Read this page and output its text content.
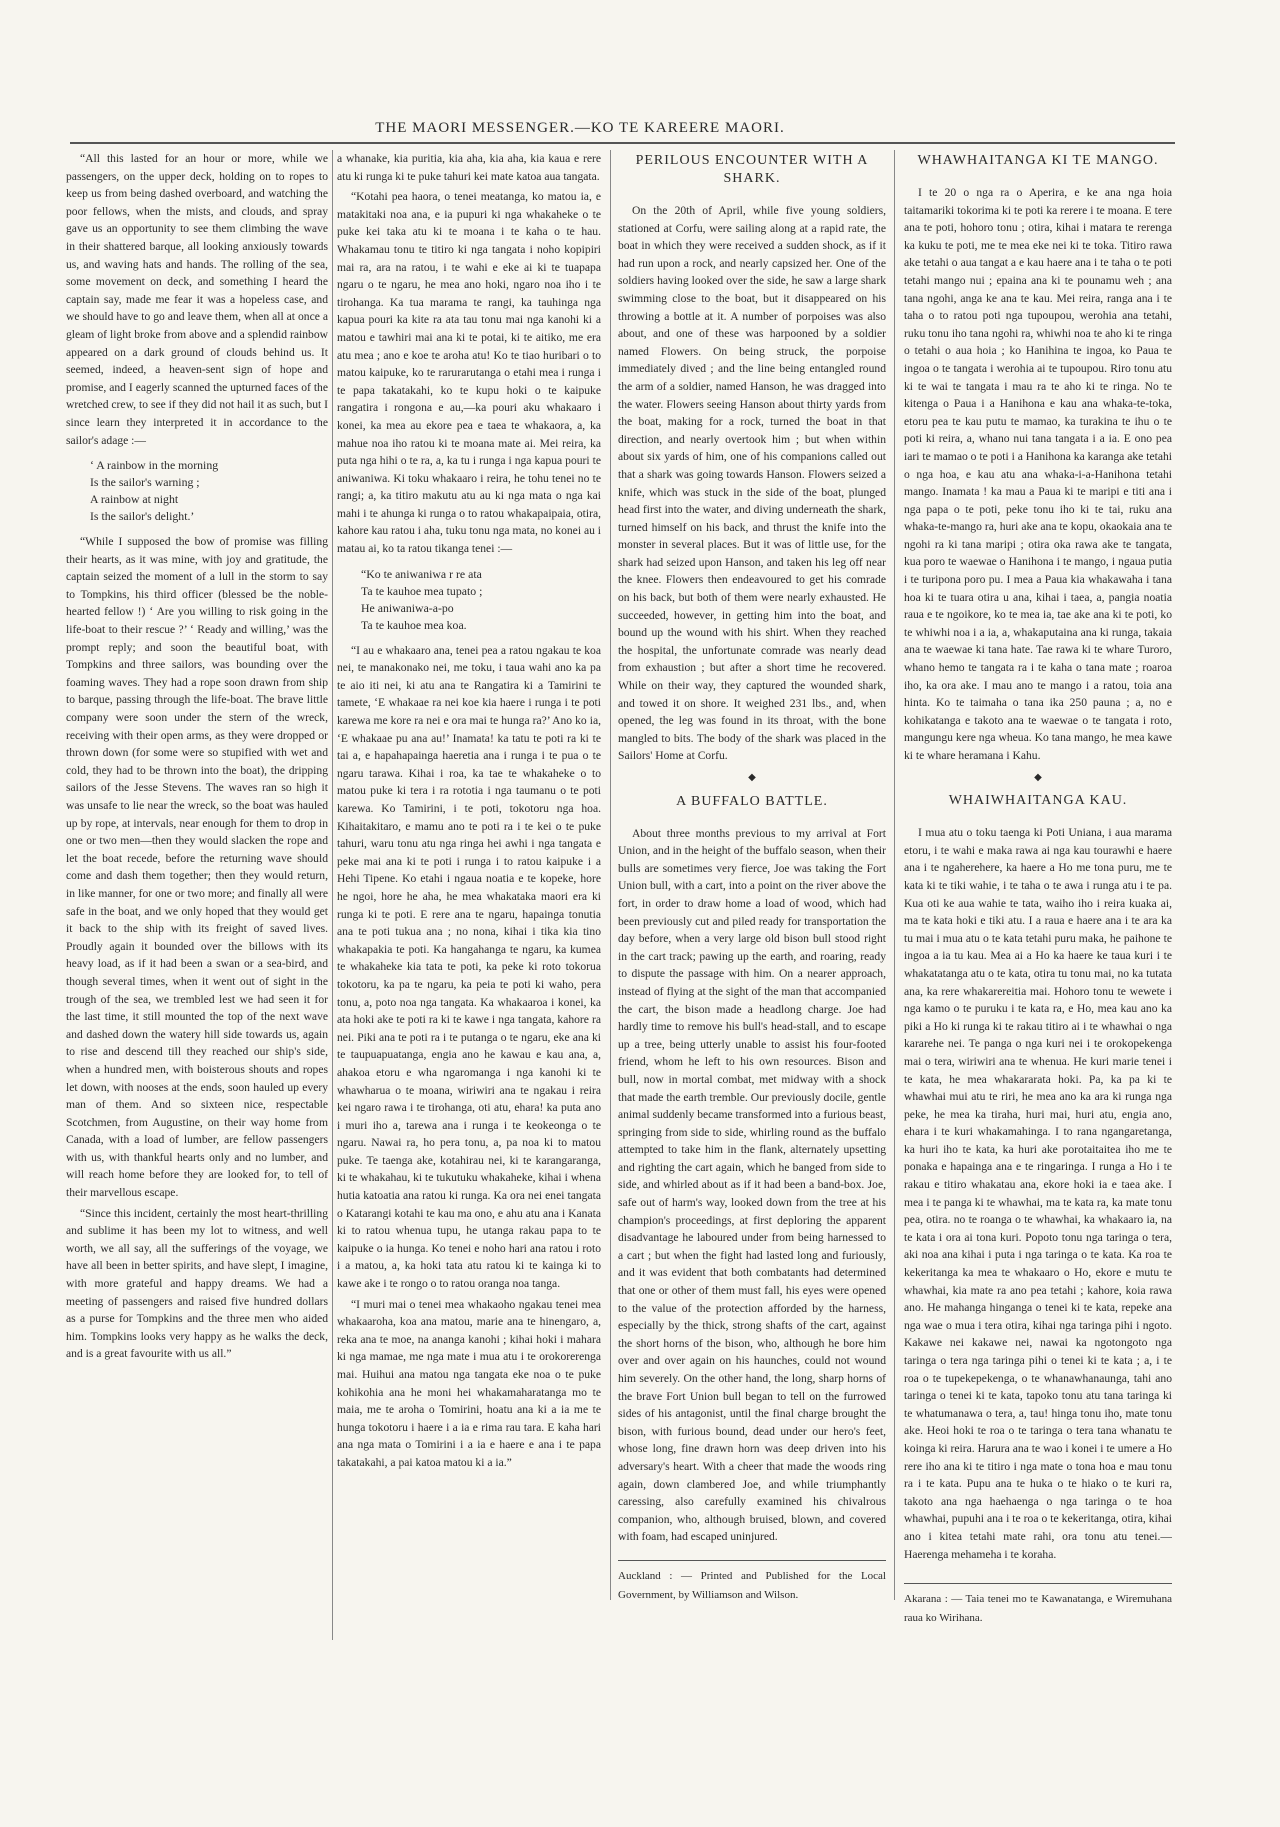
THE MAORI MESSENGER.—KO TE KAREERE MAORI.

“All this lasted for an hour or more, while we passengers, on the upper deck, holding on to ropes to keep us from being dashed overboard, and watching the poor fellows, when the mists, and clouds, and spray gave us an opportunity to see them climbing the wave in their shattered barque, all looking anxiously towards us, and waving hats and hands. The rolling of the sea, some movement on deck, and something I heard the captain say, made me fear it was a hopeless case, and we should have to go and leave them, when all at once a gleam of light broke from above and a splendid rainbow appeared on a dark ground of clouds behind us. It seemed, indeed, a heaven-sent sign of hope and promise, and I eagerly scanned the upturned faces of the wretched crew, to see if they did not hail it as such, but I since learn they interpreted it in accordance to the sailor's adage :—

‘ A rainbow in the morning
Is the sailor's warning ;
A rainbow at night
Is the sailor's delight.’

“While I supposed the bow of promise was filling their hearts, as it was mine, with joy and gratitude, the captain seized the moment of a lull in the storm to say to Tompkins, his third officer (blessed be the noble-hearted fellow !) ‘ Are you willing to risk going in the life-boat to their rescue ?’ ‘ Ready and willing,’ was the prompt reply; and soon the beautiful boat, with Tompkins and three sailors, was bounding over the foaming waves. They had a rope soon drawn from ship to barque, passing through the life-boat. The brave little company were soon under the stern of the wreck, receiving with their open arms, as they were dropped or thrown down (for some were so stupified with wet and cold, they had to be thrown into the boat), the dripping sailors of the Jesse Stevens. The waves ran so high it was unsafe to lie near the wreck, so the boat was hauled up by rope, at intervals, near enough for them to drop in one or two men—then they would slacken the rope and let the boat recede, before the returning wave should come and dash them together; then they would return, in like manner, for one or two more; and finally all were safe in the boat, and we only hoped that they would get it back to the ship with its freight of saved lives. Proudly again it bounded over the billows with its heavy load, as if it had been a swan or a sea-bird, and though several times, when it went out of sight in the trough of the sea, we trembled lest we had seen it for the last time, it still mounted the top of the next wave and dashed down the watery hill side towards us, again to rise and descend till they reached our ship's side, when a hundred men, with boisterous shouts and ropes let down, with nooses at the ends, soon hauled up every man of them. And so sixteen nice, respectable Scotchmen, from Augustine, on their way home from Canada, with a load of lumber, are fellow passengers with us, with thankful hearts only and no lumber, and will reach home before they are looked for, to tell of their marvellous escape.

“Since this incident, certainly the most heart-thrilling and sublime it has been my lot to witness, and well worth, we all say, all the sufferings of the voyage, we have all been in better spirits, and have slept, I imagine, with more grateful and happy dreams. We had a meeting of passengers and raised five hundred dollars as a purse for Tompkins and the three men who aided him. Tompkins looks very happy as he walks the deck, and is a great favourite with us all.”

a whanake, kia puritia, kia aha, kia aha, kia kaua e rere atu ki runga ki te puke tahuri kei mate katoa aua tangata.

“Kotahi pea haora, o tenei meatanga, ko matou ia, e matakitaki noa ana, e ia pupuri ki nga whakaheke o te puke kei taka atu ki te moana i te kaha o te hau. Whakamau tonu te titiro ki nga tangata i noho kopipiri mai ra, ara na ratou, i te wahi e eke ai ki te tuapapa ngaru o te ngaru, he mea ano hoki, ngaro noa iho i te tirohanga. Ka tua marama te rangi, ka tauhinga nga kapua pouri ka kite ra ata tau tonu mai nga kanohi ki a matou e tawhiri mai ana ki te potai, ki te aitiko, me era atu mea ; ano e koe te aroha atu! Ko te tiao huribari o to matou kaipuke, ko te rarurarutanga o etahi mea i runga i te papa takatakahi, ko te kupu hoki o te kaipuke rangatira i rongona e au,—ka pouri aku whakaaro i konei, ka mea au ekore pea e taea te whakaora, a, ka mahue noa iho ratou ki te moana mate ai. Mei reira, ka puta nga hihi o te ra, a, ka tu i runga i nga kapua pouri te aniwaniwa. Ki toku whakaaro i reira, he tohu tenei no te rangi; a, ka titiro makutu atu au ki nga mata o nga kai mahi i te ahunga ki runga o to ratou whakapaipaia, otira, kahore kau ratou i aha, tuku tonu nga mata, no konei au i matau ai, ko ta ratou tikanga tenei :—

“Ko te aniwaniwa r re ata
Ta te kauhoe mea tupato ;
He aniwaniwa-a-po
Ta te kauhoe mea koa.

“I au e whakaaro ana, tenei pea a ratou ngakau te koa nei, te manakonako nei, me toku, i taua wahi ano ka pa te aio iti nei, ki atu ana te Rangatira ki a Tamirini te tamete, ‘E whakaae ra nei koe kia haere i runga i te poti karewa me kore ra nei e ora mai te hunga ra?’ Ano ko ia, ‘E whakaae pu ana au!’ Inamata! ka tatu te poti ra ki te tai a, e hapahapainga haeretia ana i runga i te pua o te ngaru tarawa. Kihai i roa, ka tae te whakaheke o to matou puke ki tera i ra rototia i nga taumanu o te poti karewa. Ko Tamirini, i te poti, tokotoru nga hoa. Kihaitakitaro, e mamu ano te poti ra i te kei o te puke tahuri, waru tonu atu nga ringa hei awhi i nga tangata e peke mai ana ki te poti i runga i to ratou kaipuke i a Hehi Tipene. Ko etahi i ngaua noatia e te kopeke, hore he ngoi, hore he aha, he mea whakataka maori era ki runga ki te poti. E rere ana te ngaru, hapainga tonutia ana te poti tukua ana ; no nona, kihai i tika kia tino whakapakia te poti. Ka hangahanga te ngaru, ka kumea te whakaheke kia tata te poti, ka peke ki roto tokorua tokotoru, ka pa te ngaru, ka peia te poti ki waho, pera tonu, a, poto noa nga tangata. Ka whakaaroa i konei, ka ata hoki ake te poti ra ki te kawe i nga tangata, kahore ra nei. Piki ana te poti ra i te putanga o te ngaru, eke ana ki te taupuapuatanga, engia ano he kawau e kau ana, a, ahakoa etoru e wha ngaromanga i nga kanohi ki te whawharua o te moana, wiriwiri ana te ngakau i reira kei ngaro rawa i te tirohanga, oti atu, ehara! ka puta ano i muri iho a, tarewa ana i runga i te keokeonga o te ngaru. Nawai ra, ho pera tonu, a, pa noa ki to matou puke. Te taenga ake, kotahirau nei, ki te karangaranga, ki te whakahau, ki te tukutuku whakaheke, kihai i whena hutia katoatia ana ratou ki runga. Ka ora nei enei tangata o Katarangi kotahi te kau ma ono, e ahu atu ana i Kanata ki to ratou whenua tupu, he utanga rakau papa to te kaipuke o ia hunga. Ko tenei e noho hari ana ratou i roto i a matou, a, ka hoki tata atu ratou ki te kainga ki to kawe ake i te rongo o to ratou oranga noa tanga.

“I muri mai o tenei mea whakaoho ngakau tenei mea whakaaroha, koa ana matou, marie ana te hinengaro, a, reka ana te moe, na ananga kanohi ; kihai hoki i mahara ki nga mamae, me nga mate i mua atu i te orokorerenga mai. Huihui ana matou nga tangata eke noa o te puke kohikohia ana he moni hei whakamaharatanga mo te maia, me te aroha o Tomirini, hoatu ana ki a ia me te hunga tokotoru i haere i a ia e rima rau tara. E kaha hari ana nga mata o Tomirini i a ia e haere e ana i te papa takatakahi, a pai katoa matou ki a ia.”

PERILOUS ENCOUNTER WITH A SHARK.

On the 20th of April, while five young soldiers, stationed at Corfu, were sailing along at a rapid rate, the boat in which they were received a sudden shock, as if it had run upon a rock, and nearly capsized her. One of the soldiers having looked over the side, he saw a large shark swimming close to the boat, but it disappeared on his throwing a bottle at it. A number of porpoises was also about, and one of these was harpooned by a soldier named Flowers. On being struck, the porpoise immediately dived ; and the line being entangled round the arm of a soldier, named Hanson, he was dragged into the water. Flowers seeing Hanson about thirty yards from the boat, making for a rock, turned the boat in that direction, and nearly overtook him ; but when within about six yards of him, one of his companions called out that a shark was going towards Hanson. Flowers seized a knife, which was stuck in the side of the boat, plunged head first into the water, and diving underneath the shark, turned himself on his back, and thrust the knife into the monster in several places. But it was of little use, for the shark had seized upon Hanson, and taken his leg off near the knee. Flowers then endeavoured to get his comrade on his back, but both of them were nearly exhausted. He succeeded, however, in getting him into the boat, and bound up the wound with his shirt. When they reached the hospital, the unfortunate comrade was nearly dead from exhaustion ; but after a short time he recovered. While on their way, they captured the wounded shark, and towed it on shore. It weighed 231 lbs., and, when opened, the leg was found in its throat, with the bone mangled to bits. The body of the shark was placed in the Sailors' Home at Corfu.

◆
A BUFFALO BATTLE.

About three months previous to my arrival at Fort Union, and in the height of the buffalo season, when their bulls are sometimes very fierce, Joe was taking the Fort Union bull, with a cart, into a point on the river above the fort, in order to draw home a load of wood, which had been previously cut and piled ready for transportation the day before, when a very large old bison bull stood right in the cart track; pawing up the earth, and roaring, ready to dispute the passage with him. On a nearer approach, instead of flying at the sight of the man that accompanied the cart, the bison made a headlong charge. Joe had hardly time to remove his bull's head-stall, and to escape up a tree, being utterly unable to assist his four-footed friend, whom he left to his own resources. Bison and bull, now in mortal combat, met midway with a shock that made the earth tremble. Our previously docile, gentle animal suddenly became transformed into a furious beast, springing from side to side, whirling round as the buffalo attempted to take him in the flank, alternately upsetting and righting the cart again, which he banged from side to side, and whirled about as if it had been a band-box. Joe, safe out of harm's way, looked down from the tree at his champion's proceedings, at first deploring the apparent disadvantage he laboured under from being harnessed to a cart ; but when the fight had lasted long and furiously, and it was evident that both combatants had determined that one or other of them must fall, his eyes were opened to the value of the protection afforded by the harness, especially by the thick, strong shafts of the cart, against the short horns of the bison, who, although he bore him over and over again on his haunches, could not wound him severely. On the other hand, the long, sharp horns of the brave Fort Union bull began to tell on the furrowed sides of his antagonist, until the final charge brought the bison, with furious bound, dead under our hero's feet, whose long, fine drawn horn was deep driven into his adversary's heart. With a cheer that made the woods ring again, down clambered Joe, and while triumphantly caressing, also carefully examined his chivalrous companion, who, although bruised, blown, and covered with foam, had escaped uninjured.

Auckland : — Printed and Published for the Local Government, by Williamson and Wilson.
WHAWHAITANGA KI TE MANGO.

I te 20 o nga ra o Aperira, e ke ana nga hoia taitamariki tokorima ki te poti ka rerere i te moana. E tere ana te poti, hohoro tonu ; otira, kihai i matara te rerenga ka kuku te poti, me te mea eke nei ki te toka. Titiro rawa ake tetahi o aua tangat a e kau haere ana i te taha o te poti tetahi mango nui ; epaina ana ki te pounamu weh ; ana tana ngohi, anga ke ana te kau. Mei reira, ranga ana i te taha o to ratou poti nga tupoupou, werohia ana tetahi, ruku tonu iho tana ngohi ra, whiwhi noa te aho ki te ringa o tetahi o aua hoia ; ko Hanihina te ingoa, ko Paua te ingoa o te tangata i werohia ai te tupoupou. Riro tonu atu ki te wai te tangata i mau ra te aho ki te ringa. No te kitenga o Paua i a Hanihona e kau ana whaka-te-toka, etoru pea te kau putu te mamao, ka turakina te ihu o te poti ki reira, a, whano nui tana tangata i a ia. E ono pea iari te mamao o te poti i a Hanihona ka karanga ake tetahi o nga hoa, e kau atu ana whaka-i-a-Hanihona tetahi mango. Inamata ! ka mau a Paua ki te maripi e titi ana i nga papa o te poti, peke tonu iho ki te tai, ruku ana whaka-te-mango ra, huri ake ana te kopu, okaokaia ana te ngohi ra ki tana maripi ; otira oka rawa ake te tangata, kua poro te waewae o Hanihona i te mango, i ngaua putia i te turipona poro pu. I mea a Paua kia whakawaha i tana hoa ki te tuara otira u ana, kihai i taea, a, pangia noatia raua e te ngoikore, ko te mea ia, tae ake ana ki te poti, ko te whiwhi noa i a ia, a, whakaputaina ana ki runga, takaia ana te waewae ki tana hate. Tae rawa ki te whare Turoro, whano hemo te tangata ra i te kaha o tana mate ; roaroa iho, ka ora ake. I mau ano te mango i a ratou, toia ana hinta. Ko te taimaha o tana ika 250 pauna ; a, no e kohikatanga e takoto ana te waewae o te tangata i roto, mangungu kere nga wheua. Ko tana mango, he mea kawe ki te whare heramana i Kahu.

◆
WHAIWHAITANGA KAU.

I mua atu o toku taenga ki Poti Uniana, i aua marama etoru, i te wahi e maka rawa ai nga kau tourawhi e haere ana i te ngaherehere, ka haere a Ho me tona puru, me te kata ki te tiki wahie, i te taha o te awa i runga atu i te pa. Kua oti ke aua wahie te tata, waiho iho i reira kuaka ai, ma te kata hoki e tiki atu. I a raua e haere ana i te ara ka tu mai i mua atu o te kata tetahi puru maka, he paihone te ingoa a ia tu kau. Mea ai a Ho ka haere ke taua kuri i te whakatatanga atu o te kata, otira tu tonu mai, no ka tutata ana, ka rere whakarereitia mai. Hohoro tonu te wewete i nga kamo o te puruku i te kata ra, e Ho, mea kau ano ka piki a Ho ki runga ki te rakau titiro ai i te whawhai o nga kararehe nei. Te panga o nga kuri nei i te orokopekenga mai o tera, wiriwiri ana te whenua. He kuri marie tenei i te kata, he mea whakararata hoki. Pa, ka pa ki te whawhai mui atu te riri, he mea ano ka ara ki runga nga peke, he mea ka tiraha, huri mai, huri atu, engia ano, ehara i te kuri whakamahinga. I to rana ngangaretanga, ka huri iho te kata, ka huri ake porotaitaitea iho me te ponaka e hapainga ana e te ringaringa. I runga a Ho i te rakau e titiro whakatau ana, ekore hoki ia e taea ake. I mea i te panga ki te whawhai, ma te kata ra, ka mate tonu pea, otira. no te roanga o te whawhai, ka whakaaro ia, na te kata i ora ai tona kuri. Popoto tonu nga taringa o tera, aki noa ana kihai i puta i nga taringa o te kata. Ka roa te kekeritanga ka mea te whakaaro o Ho, ekore e mutu te whawhai, kia mate ra ano pea tetahi ; kahore, koia rawa ano. He mahanga hinganga o tenei ki te kata, repeke ana nga wae o mua i tera otira, kihai nga taringa pihi i ngoto. Kakawe nei kakawe nei, nawai ka ngotongoto nga taringa o tera nga taringa pihi o tenei ki te kata ; a, i te roa o te tupekepekenga, o te whanawhanaunga, tahi ano taringa o tenei ki te kata, tapoko tonu atu tana taringa ki te whatumanawa o tera, a, tau! hinga tonu iho, mate tonu ake. Heoi hoki te roa o te taringa o tera tana whanatu te koinga ki reira. Harura ana te wao i konei i te umere a Ho rere iho ana ki te titiro i nga mate o tona hoa e mau tonu ra i te kata. Pupu ana te huka o te hiako o te kuri ra, takoto ana nga haehaenga o nga taringa o te hoa whawhai, pupuhi ana i te roa o te kekeritanga, otira, kihai ano i kitea tetahi mate rahi, ora tonu atu tenei.—Haerenga mehameha i te koraha.

Akarana : — Taia tenei mo te Kawanatanga, e Wiremuhana raua ko Wirihana.
